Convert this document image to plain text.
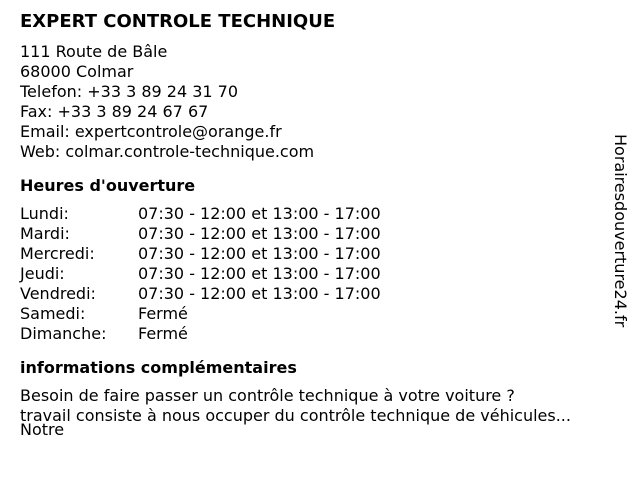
EXPERT CONTROLE TECHNIQUE
111 Route de Bâle
68000 Colmar
Telefon: +33 3 89 24 31 70
Fax: +33 3 89 24 67 67
Email: expertcontrole@orange.fr
Web: colmar.controle-technique.com
Heures d'ouverture
Lundi:	07:30 - 12:00 et 13:00 - 17:00
Mardi:	07:30 - 12:00 et 13:00 - 17:00
Mercredi:	07:30 - 12:00 et 13:00 - 17:00
Jeudi:	07:30 - 12:00 et 13:00 - 17:00
Vendredi:	07:30 - 12:00 et 13:00 - 17:00
Samedi:	Fermé
Dimanche:	Fermé
informations complémentaires
Besoin de faire passer un contrôle technique à votre voiture ?
travail consiste à nous occuper du contrôle technique de véhicules...
Notre
Horairesdouverture24.fr
